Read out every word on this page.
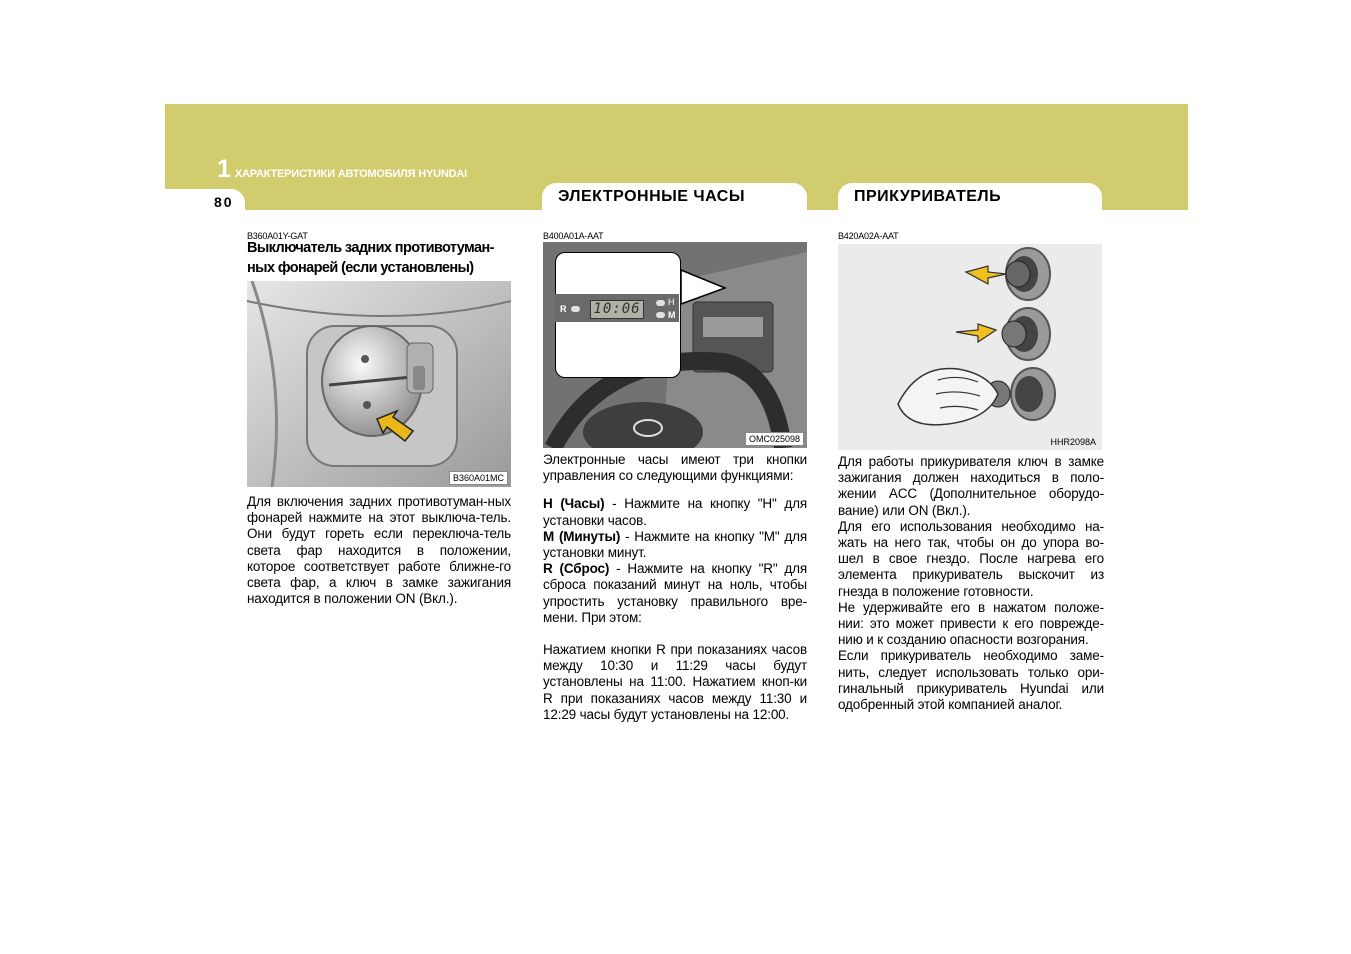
1 ХАРАКТЕРИСТИКИ АВТОМОБИЛЯ HYUNDAI
80	ЭЛЕКТРОННЫЕ ЧАСЫ	ПРИКУРИВАТЕЛЬ
B360A01Y-GAT
Выключатель задних противотуман-ных фонарей (если установлены)
B360A01MC
Для включения задних противотуман-ных фонарей нажмите на этот выключа-тель. Они будут гореть если переключа-тель света фар находится в положении, которое соответствует работе ближне-го света фар, а ключ в замке зажигания находится в положении ON (Вкл.).
B400A01A-AAT
R 10:06	H
M
OMC025098

Электронные часы имеют три кнопки управления со следующими функциями:

H (Часы) - Нажмите на кнопку "H" для установки часов.

M (Минуты) - Нажмите на кнопку "M" для установки минут.

R (Сброс) - Нажмите на кнопку "R" для сброса показаний минут на ноль, чтобы упростить установку правильного вре-мени. При этом:

Нажатием кнопки R при показаниях часов между 10:30 и 11:29 часы будут установлены на 11:00. Нажатием кноп-ки R при показаниях часов между 11:30 и 12:29 часы будут установлены на 12:00.

B420A02A-AAT
HHR2098A

Для работы прикуривателя ключ в замке зажигания должен находиться в поло-жении ACC (Дополнительное оборудо-вание) или ON (Вкл.).

Для его использования необходимо на-жать на него так, чтобы он до упора во-шел в свое гнездо. После нагрева его элемента прикуриватель выскочит из гнезда в положение готовности.

Не удерживайте его в нажатом положе-нии: это может привести к его поврежде-нию и к созданию опасности возгорания.

Если прикуриватель необходимо заме-нить, следует использовать только ори-гинальный прикуриватель Hyundai или одобренный этой компанией аналог.
